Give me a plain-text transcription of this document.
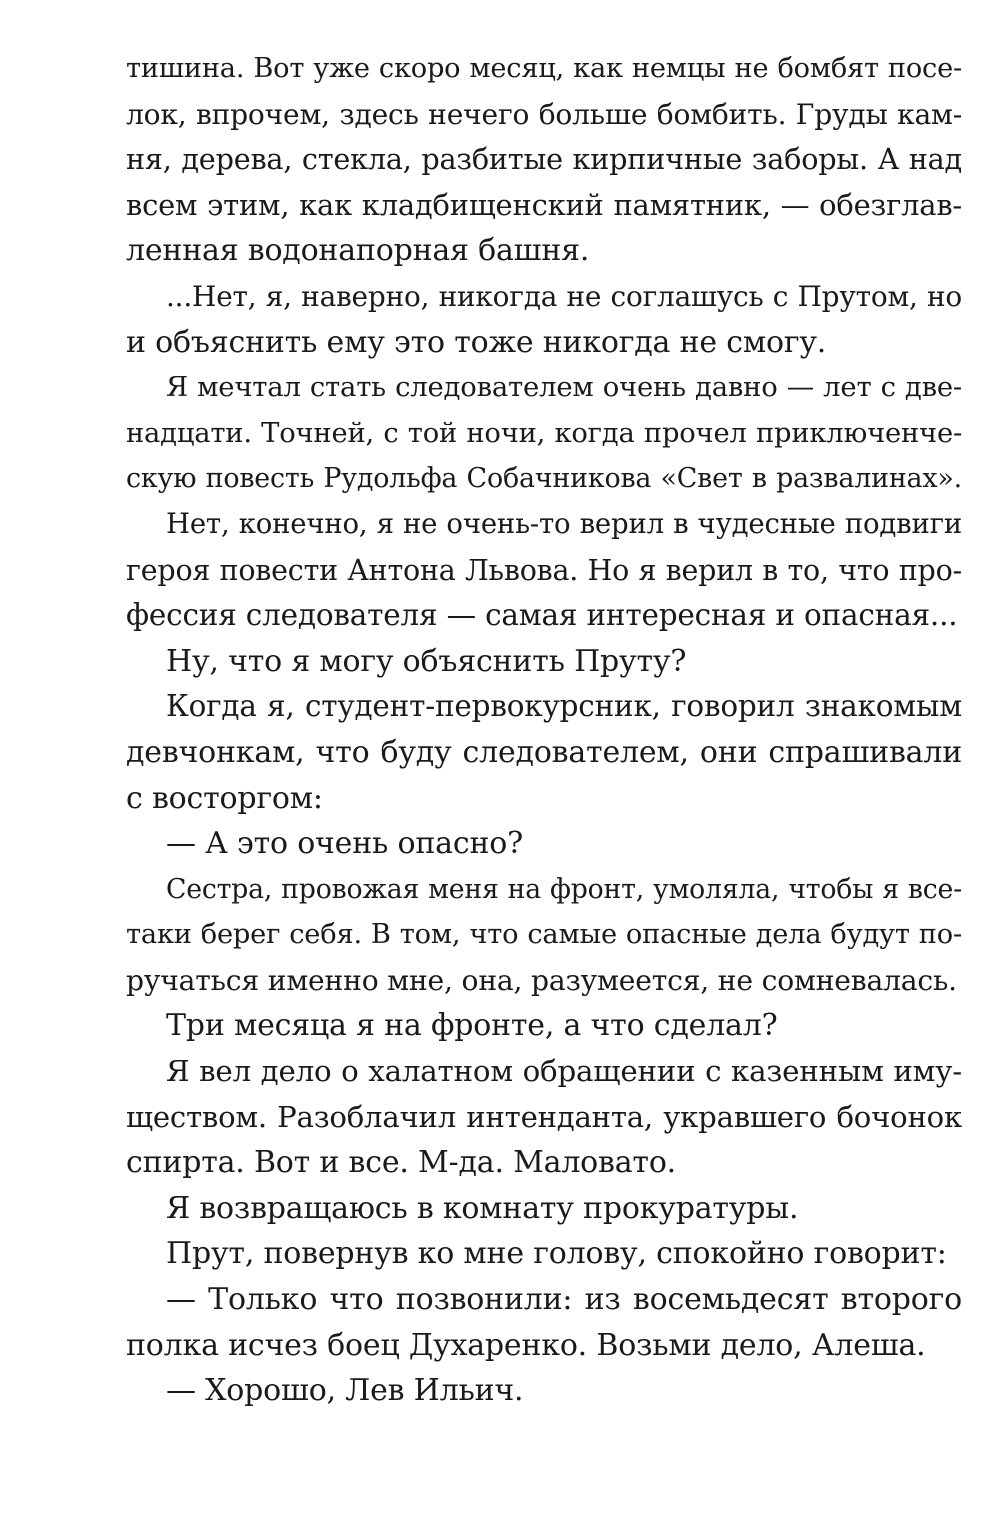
тишина. Вот уже скоро месяц, как немцы не бомбят посе-
лок, впрочем, здесь нечего больше бомбить. Груды кам-
ня, дерева, стекла, разбитые кирпичные заборы. А над
всем этим, как кладбищенский памятник, — обезглав-
ленная водонапорная башня.
...Нет, я, наверно, никогда не соглашусь с Прутом, но
и объяснить ему это тоже никогда не смогу.
Я мечтал стать следователем очень давно — лет с две-
надцати. Точней, с той ночи, когда прочел приключенче-
скую повесть Рудольфа Собачникова «Свет в развалинах».
Нет, конечно, я не очень-то верил в чудесные подвиги
героя повести Антона Львова. Но я верил в то, что про-
фессия следователя — самая интересная и опасная...
Ну, что я могу объяснить Пруту?
Когда я, студент-первокурсник, говорил знакомым
девчонкам, что буду следователем, они спрашивали
с восторгом:
— А это очень опасно?
Сестра, провожая меня на фронт, умоляла, чтобы я все-
таки берег себя. В том, что самые опасные дела будут по-
ручаться именно мне, она, разумеется, не сомневалась.
Три месяца я на фронте, а что сделал?
Я вел дело о халатном обращении с казенным иму-
ществом. Разоблачил интенданта, укравшего бочонок
спирта. Вот и все. М-да. Маловато.
Я возвращаюсь в комнату прокуратуры.
Прут, повернув ко мне голову, спокойно говорит:
— Только что позвонили: из восемьдесят второго
полка исчез боец Духаренко. Возьми дело, Алеша.
— Хорошо, Лев Ильич.
